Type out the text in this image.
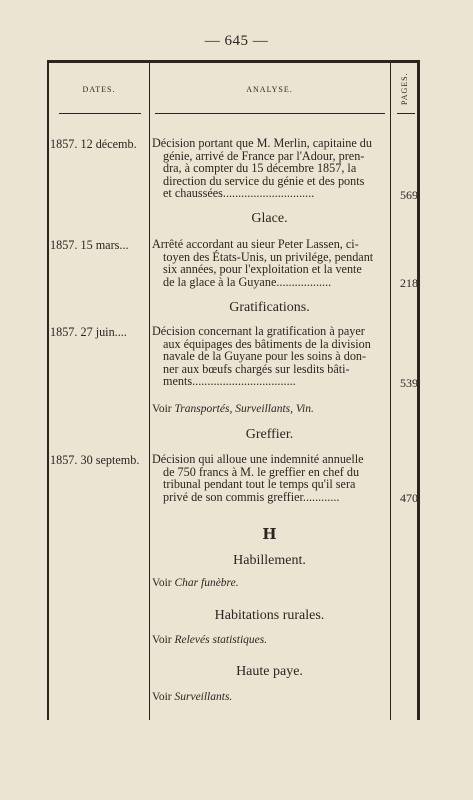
— 645 —
DATES.	ANALYSE.	PAGES.
1857. 12 décemb.	Décision portant que M. Merlin, capitaine du
génie, arrivé de France par l'Adour, pren-
dra, à compter du 15 décembre 1857, la
direction du service du génie et des ponts
et chaussées..............................	569
Glace.
1857. 15 mars...	Arrêté accordant au sieur Peter Lassen, ci-
toyen des États-Unis, un privilége, pendant
six années, pour l'exploitation et la vente
de la glace à la Guyane..................	218
Gratifications.
1857. 27 juin....	Décision concernant la gratification à payer
aux équipages des bâtiments de la division
navale de la Guyane pour les soins à don-
ner aux bœufs chargés sur lesdits bâti-
ments..................................	539
Voir Transportés, Surveillants, Vin.
Greffier.
1857. 30 septemb.	Décision qui alloue une indemnité annuelle
de 750 francs à M. le greffier en chef du
tribunal pendant tout le temps qu'il sera
privé de son commis greffier............	470
H
Habillement.
Voir Char funèbre.
Habitations rurales.
Voir Relevés statistiques.
Haute paye.
Voir Surveillants.
